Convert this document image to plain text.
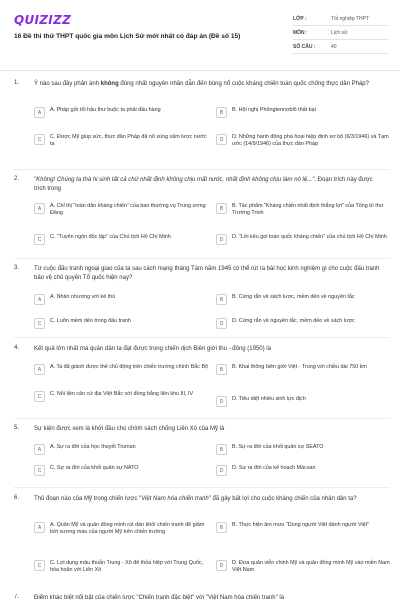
QUIZIZZ
16 Đề thi thử THPT quốc gia môn Lịch Sử mới nhất có đáp án (Đề số 15)
LỚP :	Tốt nghiệp THPT
MÔN :	Lịch sử
SỐ CÂU :	40
1. Ý nào sau đây phản ánh không đúng nhất nguyên nhân dẫn đến bùng nổ cuộc kháng chiến toàn quốc chống thực dân Pháp?
A	A. Pháp gửi tối hậu thư buộc ta phải đầu hàng	B	B. Hội nghị Phôngtennơblô thất bại
C	C. Được Mỹ giúp sức, thực dân Pháp đã nổ súng xâm lược nước ta
D	D. Những hành động phá hoại hiệp định sơ bộ (6/3/1946) và Tạm ước (14/9/1946) của thực dân Pháp
2. "Không! Chúng ta thà hi sinh tất cả chứ nhất định không chịu mất nước, nhất định không chịu làm nô lệ...". Đoạn trích này được trích trong
A	A. Chỉ thị "toàn dân kháng chiến" của ban thường vụ Trung ương Đảng
B	B. Tác phẩm "Kháng chiến nhất định thắng lợi" của Tổng bí thư Trường Trinh
C	C. "Tuyên ngôn độc lập" của Chủ tịch Hồ Chí Minh	D	D. "Lời kêu gọi toàn quốc kháng chiến" của chủ tịch Hồ Chí Minh
3. Từ cuộc đấu tranh ngoại giao của ta sau cách mạng tháng Tám năm 1945 có thể rút ra bài học kinh nghiệm gì cho cuộc đấu tranh bảo vệ chủ quyền Tổ quốc hiện nay?
A	A. Nhân nhượng với kẻ thù	B	B. Cứng rắn về sách lược, mềm dẻo về nguyên tắc
C	C. Luôn mềm dẻo trong đấu tranh	D	D. Cứng rắn về nguyên tắc, mềm dẻo về sách lược
4. Kết quả lớn nhất mà quân dân ta đạt được trong chiến dịch Biên giới thu - đông (1950) là
A	A. Ta đã giành được thế chủ động trên chiến trường chính Bắc Bộ	B	B. Khai thông biên giới Việt - Trung với chiều dài 750 km
C	C. Nối liền căn cứ địa Việt Bắc với đồng bằng liên khu III, IV
D	D. Tiêu diệt nhiều sinh lực địch
5. Sự kiện được xem là khởi đầu cho chính sách chống Liên Xô của Mỹ là
A	A. Sự ra đời của học thuyết Truman	B	B. Sự ra đời của khối quân sự SEATO
C	C. Sự ra đời của khối quân sự NATO	D	D. Sự ra đời của kế hoạch Mácsan
6. Thủ đoạn nào của Mỹ trong chiến lược "Việt Nam hóa chiến tranh" đã gây bất lợi cho cuộc kháng chiến của nhân dân ta?
A	A. Quân Mỹ và quân đồng minh rút dần khỏi chiến tranh để giảm bớt xương máu của người Mỹ trên chiến trường
B	B. Thực hiện âm mưu "Dùng người Việt đánh người Việt"
C	C. Lợi dụng mâu thuẫn Trung - Xô để thỏa hiệp với Trung Quốc, hòa hoãn với Liên Xô
D	D. Đưa quân viễn chinh Mỹ và quân đồng minh Mỹ vào miền Nam Việt Nam
7. Điểm khác biệt nổi bật của chiến lược "Chiến tranh đặc biệt" với "Việt Nam hóa chiến tranh" là
